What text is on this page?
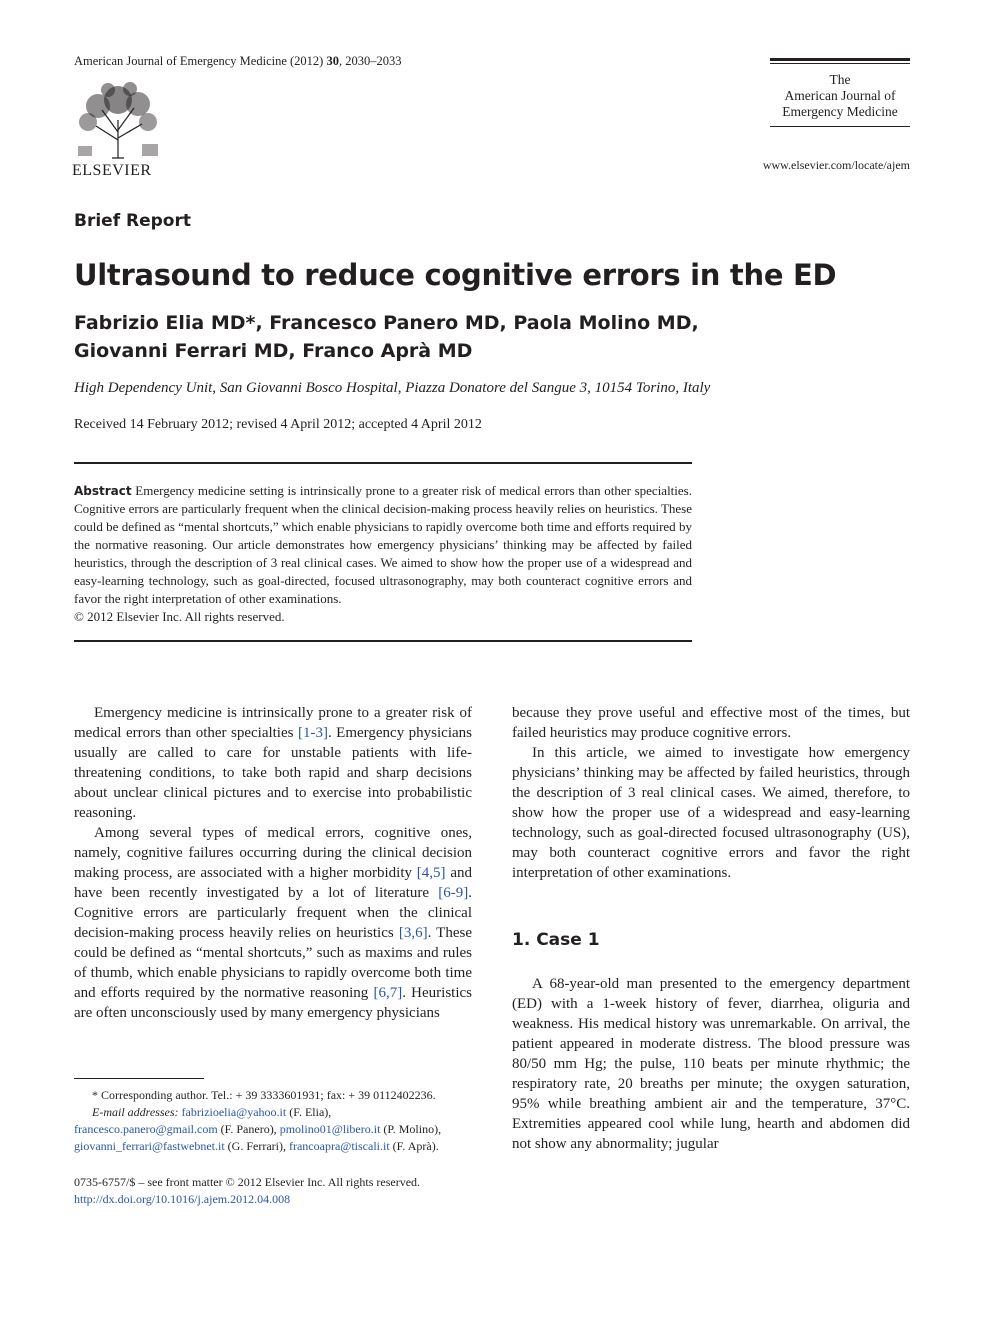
American Journal of Emergency Medicine (2012) 30, 2030–2033
ELSEVIER
The
American Journal of
Emergency Medicine
www.elsevier.com/locate/ajem
Brief Report
Ultrasound to reduce cognitive errors in the ED
Fabrizio Elia MD*, Francesco Panero MD, Paola Molino MD,
Giovanni Ferrari MD, Franco Aprà MD
High Dependency Unit, San Giovanni Bosco Hospital, Piazza Donatore del Sangue 3, 10154 Torino, Italy
Received 14 February 2012; revised 4 April 2012; accepted 4 April 2012
Abstract Emergency medicine setting is intrinsically prone to a greater risk of medical errors than other specialties. Cognitive errors are particularly frequent when the clinical decision-making process heavily relies on heuristics. These could be defined as “mental shortcuts,” which enable physicians to rapidly overcome both time and efforts required by the normative reasoning. Our article demonstrates how emergency physicians’ thinking may be affected by failed heuristics, through the description of 3 real clinical cases. We aimed to show how the proper use of a widespread and easy-learning technology, such as goal-directed, focused ultrasonography, may both counteract cognitive errors and favor the right interpretation of other examinations.
© 2012 Elsevier Inc. All rights reserved.

Emergency medicine is intrinsically prone to a greater risk of medical errors than other specialties [1-3]. Emergency physicians usually are called to care for unstable patients with life-threatening conditions, to take both rapid and sharp decisions about unclear clinical pictures and to exercise into probabilistic reasoning.

Among several types of medical errors, cognitive ones, namely, cognitive failures occurring during the clinical decision making process, are associated with a higher morbidity [4,5] and have been recently investigated by a lot of literature [6-9]. Cognitive errors are particularly frequent when the clinical decision-making process heavily relies on heuristics [3,6]. These could be defined as “mental shortcuts,” such as maxims and rules of thumb, which enable physicians to rapidly overcome both time and efforts required by the normative reasoning [6,7]. Heuristics are often unconsciously used by many emergency physicians

because they prove useful and effective most of the times, but failed heuristics may produce cognitive errors.

In this article, we aimed to investigate how emergency physicians’ thinking may be affected by failed heuristics, through the description of 3 real clinical cases. We aimed, therefore, to show how the proper use of a widespread and easy-learning technology, such as goal-directed focused ultrasonography (US), may both counteract cognitive errors and favor the right interpretation of other examinations.

1. Case 1

A 68-year-old man presented to the emergency department (ED) with a 1-week history of fever, diarrhea, oliguria and weakness. His medical history was unremarkable. On arrival, the patient appeared in moderate distress. The blood pressure was 80/50 mm Hg; the pulse, 110 beats per minute rhythmic; the respiratory rate, 20 breaths per minute; the oxygen saturation, 95% while breathing ambient air and the temperature, 37°C. Extremities appeared cool while lung, hearth and abdomen did not show any abnormality; jugular

* Corresponding author. Tel.: + 39 3333601931; fax: + 39 0112402236.
E-mail addresses: fabrizioelia@yahoo.it (F. Elia),
francesco.panero@gmail.com (F. Panero), pmolino01@libero.it (P. Molino),
giovanni_ferrari@fastwebnet.it (G. Ferrari), francoapra@tiscali.it (F. Aprà).
0735-6757/$ – see front matter © 2012 Elsevier Inc. All rights reserved.
http://dx.doi.org/10.1016/j.ajem.2012.04.008
